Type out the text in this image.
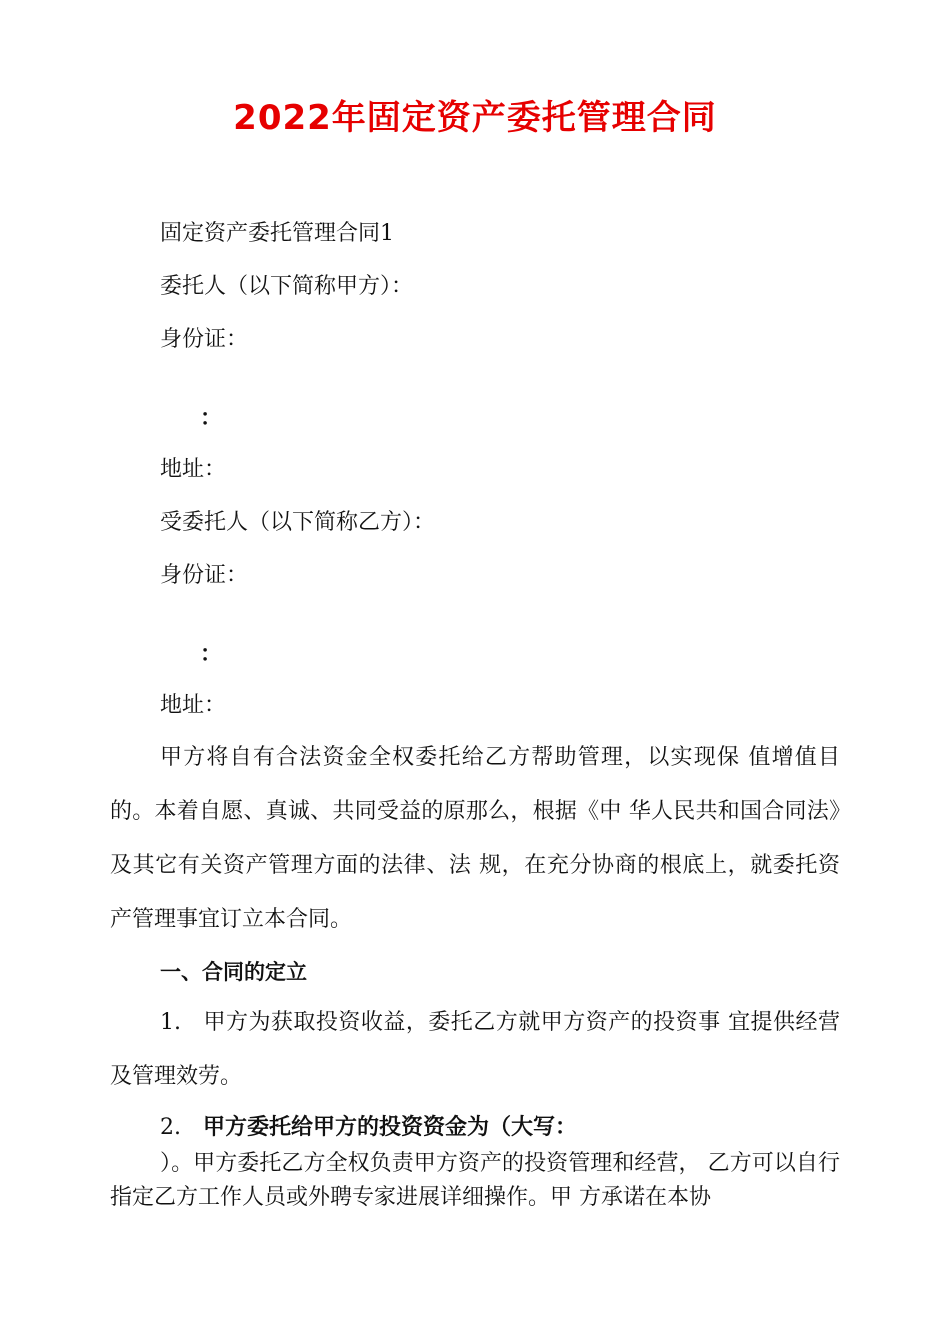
2022年固定资产委托管理合同
固定资产委托管理合同1
委托人（以下简称甲方）：
身份证：
：
地址：
受委托人（以下简称乙方）：
身份证：
：
地址：
甲方将自有合法资金全权委托给乙方帮助管理，以实现保 值增值目的。本着自愿、真诚、共同受益的原那么，根据《中 华人民共和国合同法》及其它有关资产管理方面的法律、法 规，在充分协商的根底上，就委托资产管理事宜订立本合同。
一、合同的定立
1. 甲方为获取投资收益，委托乙方就甲方资产的投资事 宜提供经营及管理效劳。
2. 甲方委托给甲方的投资资金为（大写：
）。甲方委托乙方全权负责甲方资产的投资管理和经营， 乙方可以自行指定乙方工作人员或外聘专家进展详细操作。甲 方承诺在本协
